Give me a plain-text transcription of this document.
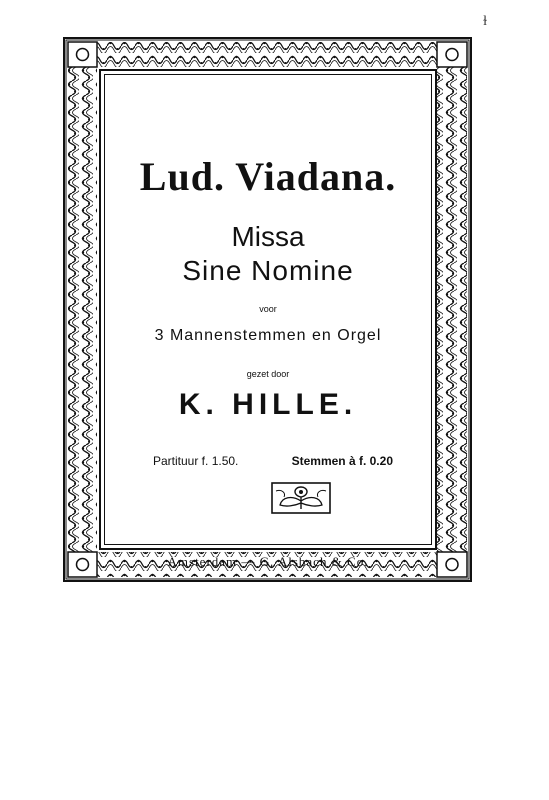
ɫ
Lud. Viadana.
Missa
Sine Nomine
voor
3 Mannenstemmen en Orgel
gezet door
K. HILLE.
Partituur f. 1.50.	Stemmen à f. 0.20
Amsterdam — G. Alsbach & Co.
